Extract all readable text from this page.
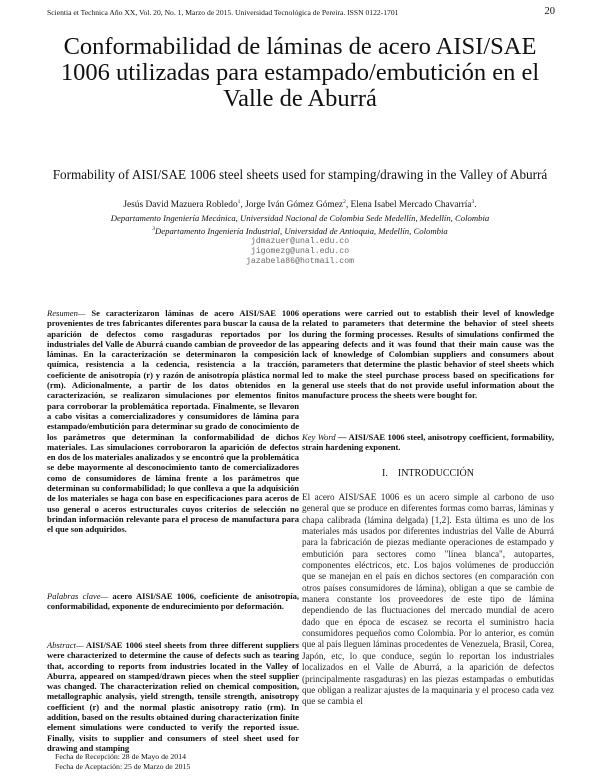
Scientia et Technica Año XX, Vol. 20, No. 1, Marzo de 2015. Universidad Tecnológica de Pereira. ISSN 0122-1701	20
Conformabilidad de láminas de acero AISI/SAE 1006 utilizadas para estampado/embutición en el Valle de Aburrá
Formability of AISI/SAE 1006 steel sheets used for stamping/drawing in the Valley of Aburrá
Jesús David Mazuera Robledo$^1$, Jorge Iván Gómez Gómez$^2$, Elena Isabel Mercado Chavarría$^3$.
Departamento Ingeniería Mecánica, Universidad Nacional de Colombia Sede Medellín, Medellín, Colombia
$^3$Departamento Ingeniería Industrial, Universidad de Antioquia, Medellín, Colombia
jdmazuer@unal.edu.co
jigomezg@unal.edu.co
jazabela86@hotmail.com
Resumen— Se caracterizaron láminas de acero AISI/SAE 1006 provenientes de tres fabricantes diferentes para buscar la causa de la aparición de defectos como rasgaduras reportados por los industriales del Valle de Aburrá cuando cambian de proveedor de las láminas. En la caracterización se determinaron la composición química, resistencia a la cedencia, resistencia a la tracción, coeficiente de anisotropía (r) y razón de anisotropía plástica normal (rm). Adicionalmente, a partir de los datos obtenidos en la caracterización, se realizaron simulaciones por elementos finitos para corroborar la problemática reportada. Finalmente, se llevaron a cabo visitas a comercializadores y consumidores de lámina para estampado/embutición para determinar su grado de conocimiento de los parámetros que determinan la conformabilidad de dichos materiales. Las simulaciones corroboraron la aparición de defectos en dos de los materiales analizados y se encontró que la problemática se debe mayormente al desconocimiento tanto de comercializadores como de consumidores de lámina frente a los parámetros que determinan su conformabilidad; lo que conlleva a que la adquisición de los materiales se haga con base en especificaciones para aceros de uso general o aceros estructurales cuyos criterios de selección no brindan información relevante para el proceso de manufactura para el que son adquiridos.
Palabras clave— acero AISI/SAE 1006, coeficiente de anisotropía, conformabilidad, exponente de endurecimiento por deformación.
Abstract— AISI/SAE 1006 steel sheets from three different suppliers were characterized to determine the cause of defects such as tearing that, according to reports from industries located in the Valley of Aburra, appeared on stamped/drawn pieces when the steel supplier was changed. The characterization relied on chemical composition, metallographic analysis, yield strength, tensile strength, anisotropy coefficient (r) and the normal plastic anisotropy ratio (rm). In addition, based on the results obtained during characterization finite element simulations were conducted to verify the reported issue. Finally, visits to supplier and consumers of steel sheet used for drawing and stamping
Fecha de Recepción: 28 de Mayo de 2014
Fecha de Aceptación: 25 de Marzo de 2015
operations were carried out to establish their level of knowledge related to parameters that determine the behavior of steel sheets during the forming processes. Results of simulations confirmed the appearing defects and it was found that their main cause was the lack of knowledge of Colombian suppliers and consumers about parameters that determine the plastic behavior of steel sheets which led to make the steel purchase process based on specifications for general use steels that do not provide useful information about the manufacture process the sheets were bought for.
Key Word — AISI/SAE 1006 steel, anisotropy coefficient, formability, strain hardening exponent.
I. INTRODUCCIÓN
El acero AISI/SAE 1006 es un acero simple al carbono de uso general que se produce en diferentes formas como barras, láminas y chapa calibrada (lámina delgada) [1,2]. Esta última es uno de los materiales más usados por diferentes industrias del Valle de Aburrá para la fabricación de piezas mediante operaciones de estampado y embutición para sectores como "línea blanca", autopartes, componentes eléctricos, etc. Los bajos volúmenes de producción que se manejan en el país en dichos sectores (en comparación con otros países consumidores de lámina), obligan a que se cambie de manera constante los proveedores de este tipo de lámina dependiendo de las fluctuaciones del mercado mundial de acero dado que en época de escasez se recorta el suministro hacia consumidores pequeños como Colombia. Por lo anterior, es común que al país lleguen láminas procedentes de Venezuela, Brasil, Corea, Japón, etc, lo que conduce, según lo reportan los industriales localizados en el Valle de Aburrá, a la aparición de defectos (principalmente rasgaduras) en las piezas estampadas o embutidas que obligan a realizar ajustes de la maquinaria y el proceso cada vez que se cambia el
